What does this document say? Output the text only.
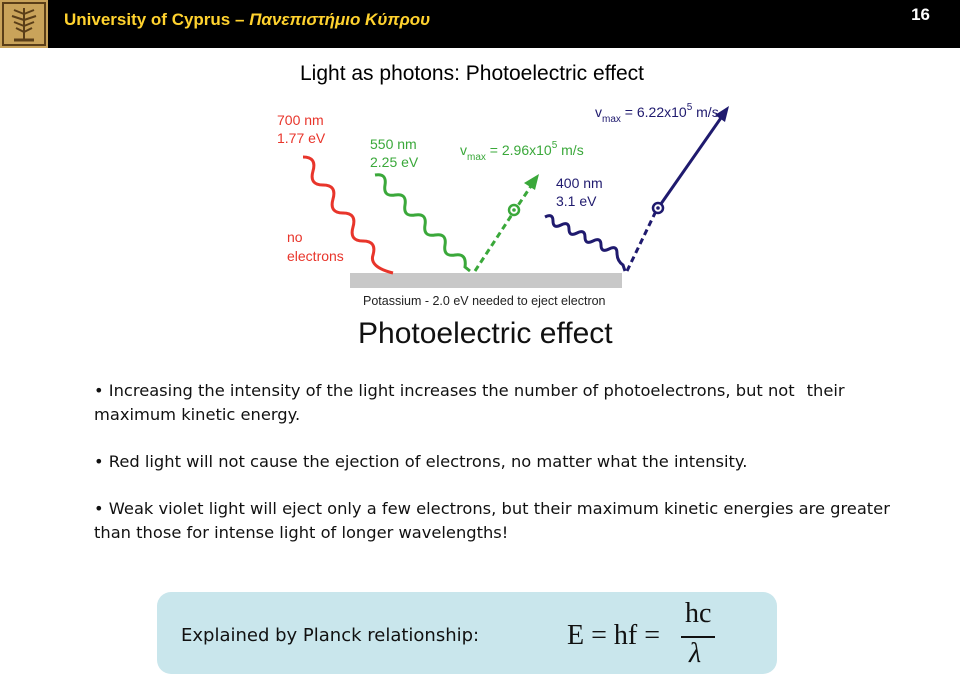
University of Cyprus – Πανεπιστήμιο Κύπρου	16
Light as photons: Photoelectric effect
Potassium - 2.0 eV needed to eject electron
Photoelectric effect
700 nm
1.77 eV
no
electrons
550 nm
2.25 eV
$v_{max} = 2.96x10^5$ m/s
400 nm
3.1 eV
$v_{max} = 6.22x10^5$ m/s
• Increasing the intensity of the light increases the number of photoelectrons, but not their maximum kinetic energy.
• Red light will not cause the ejection of electrons, no matter what the intensity.
• Weak violet light will eject only a few electrons, but their maximum kinetic energies are greater than those for intense light of longer wavelengths!
Explained by Planck relationship:	E = hf =
hc
λ
